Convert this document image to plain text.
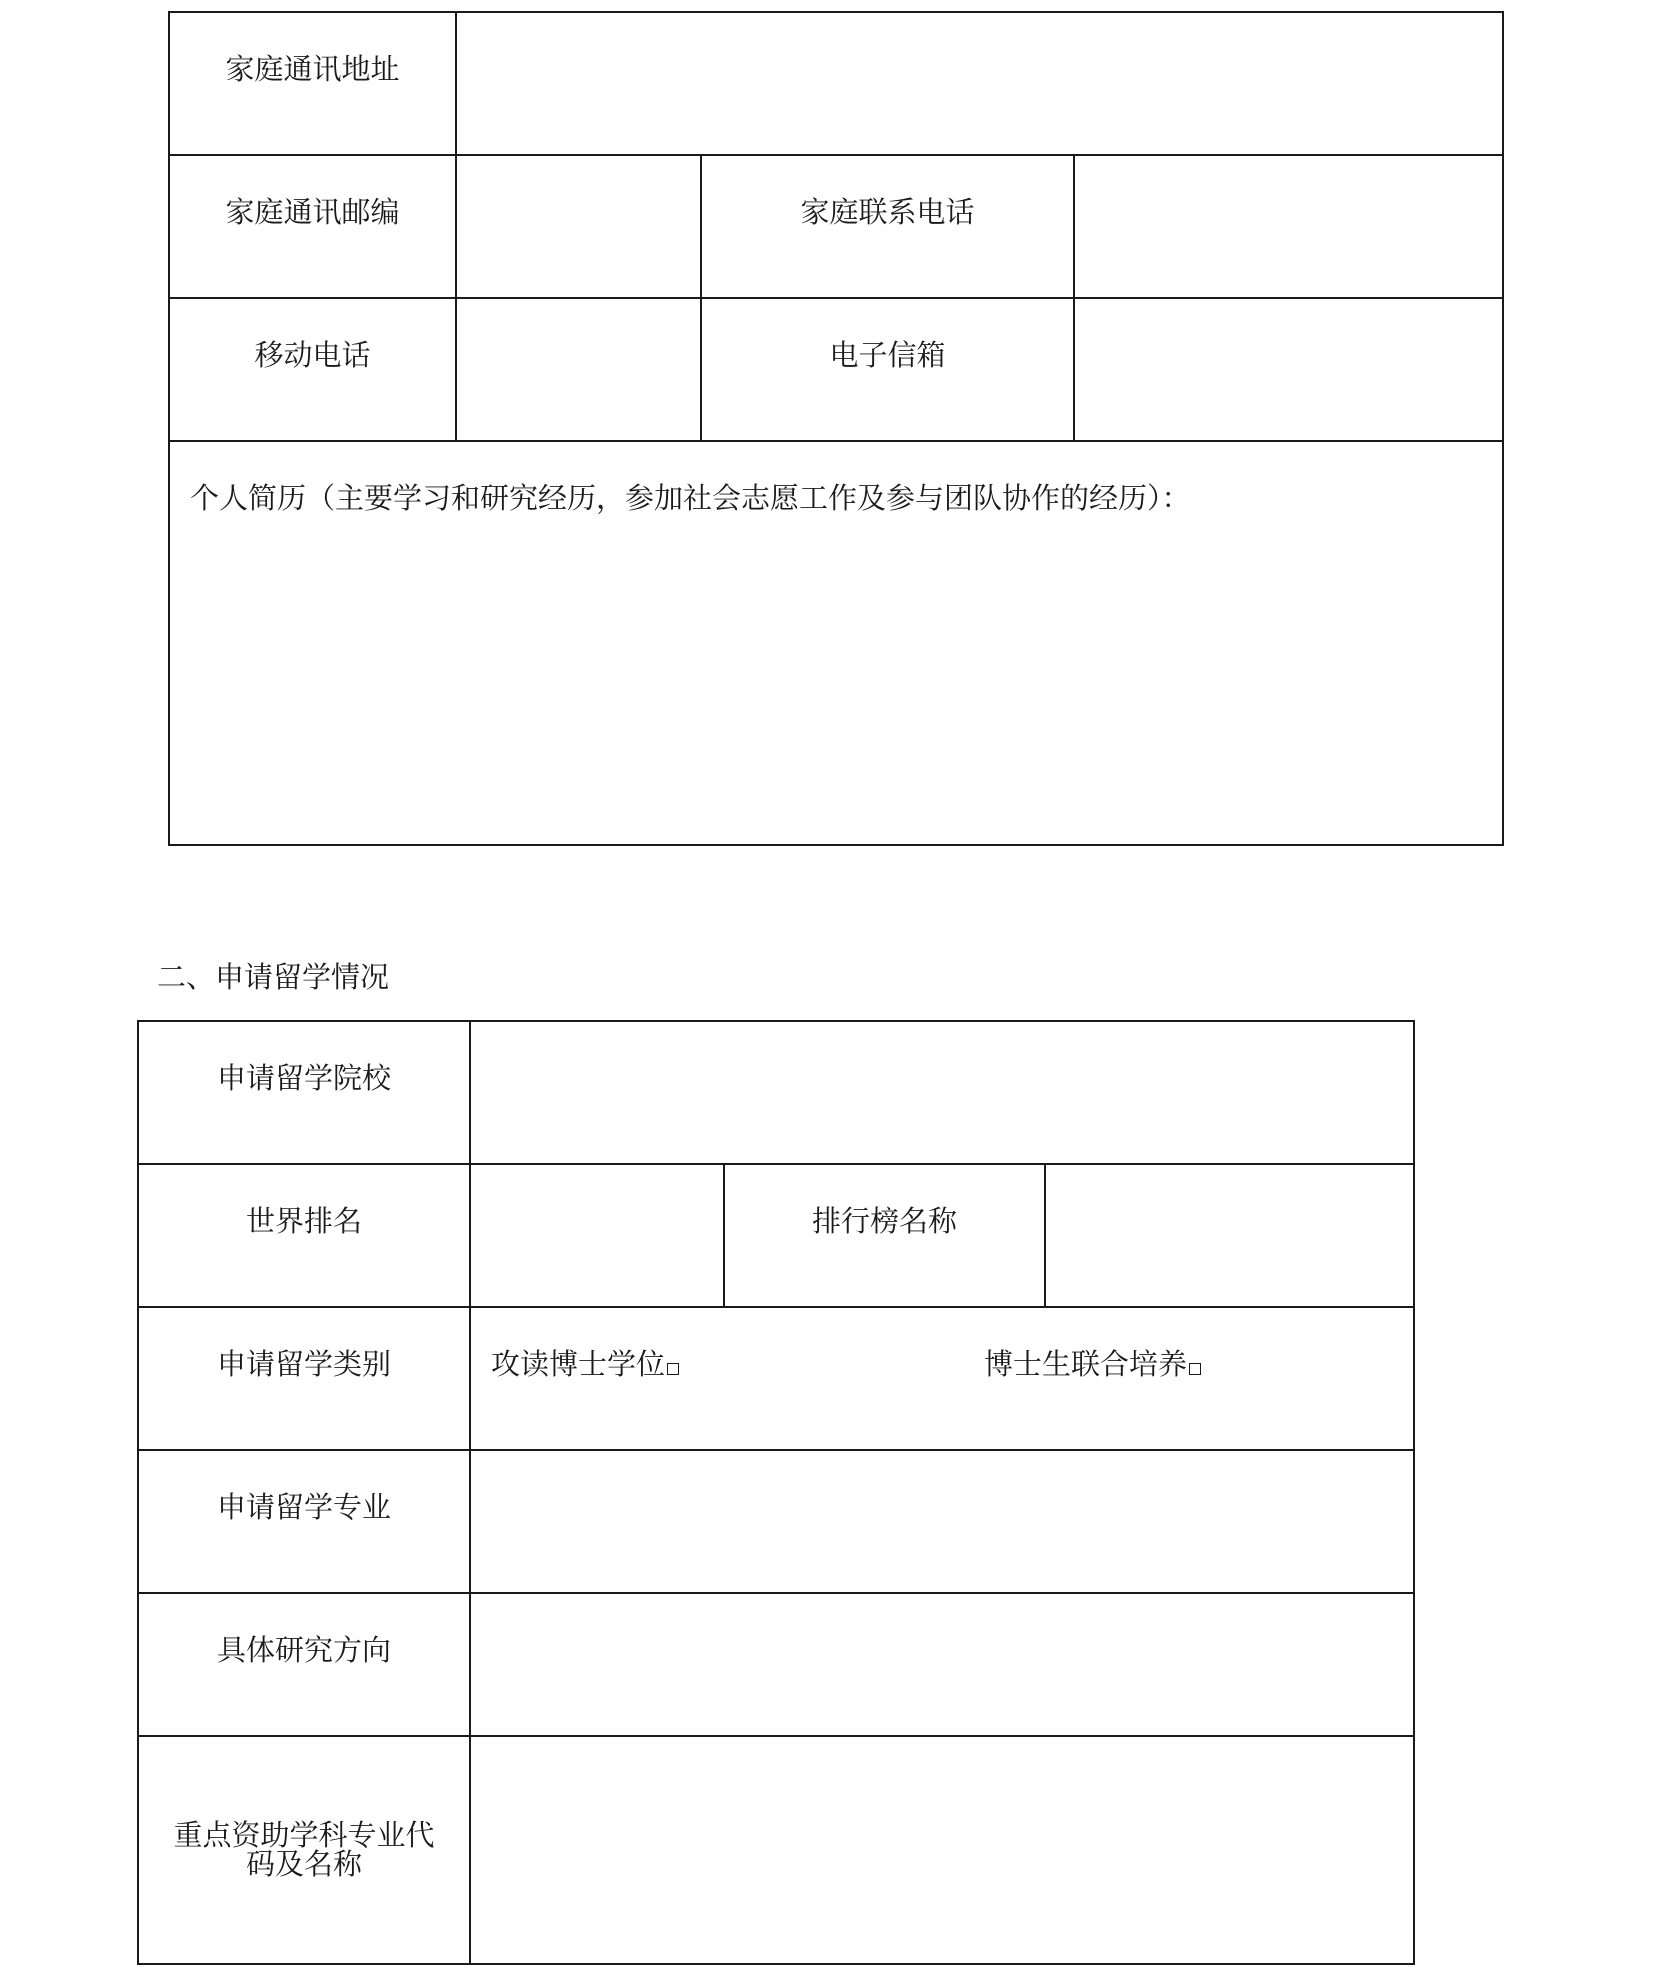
家庭通讯地址			
家庭通讯邮编		家庭联系电话	
移动电话		电子信箱	
个人简历（主要学习和研究经历，参加社会志愿工作及参与团队协作的经历）：			
二、申请留学情况
申请留学院校			
世界排名		排行榜名称	
申请留学类别	攻读博士学位 博士生联合培养		

申请留学专业			
具体研究方向			

重点资助学科专业代
码及名称			
